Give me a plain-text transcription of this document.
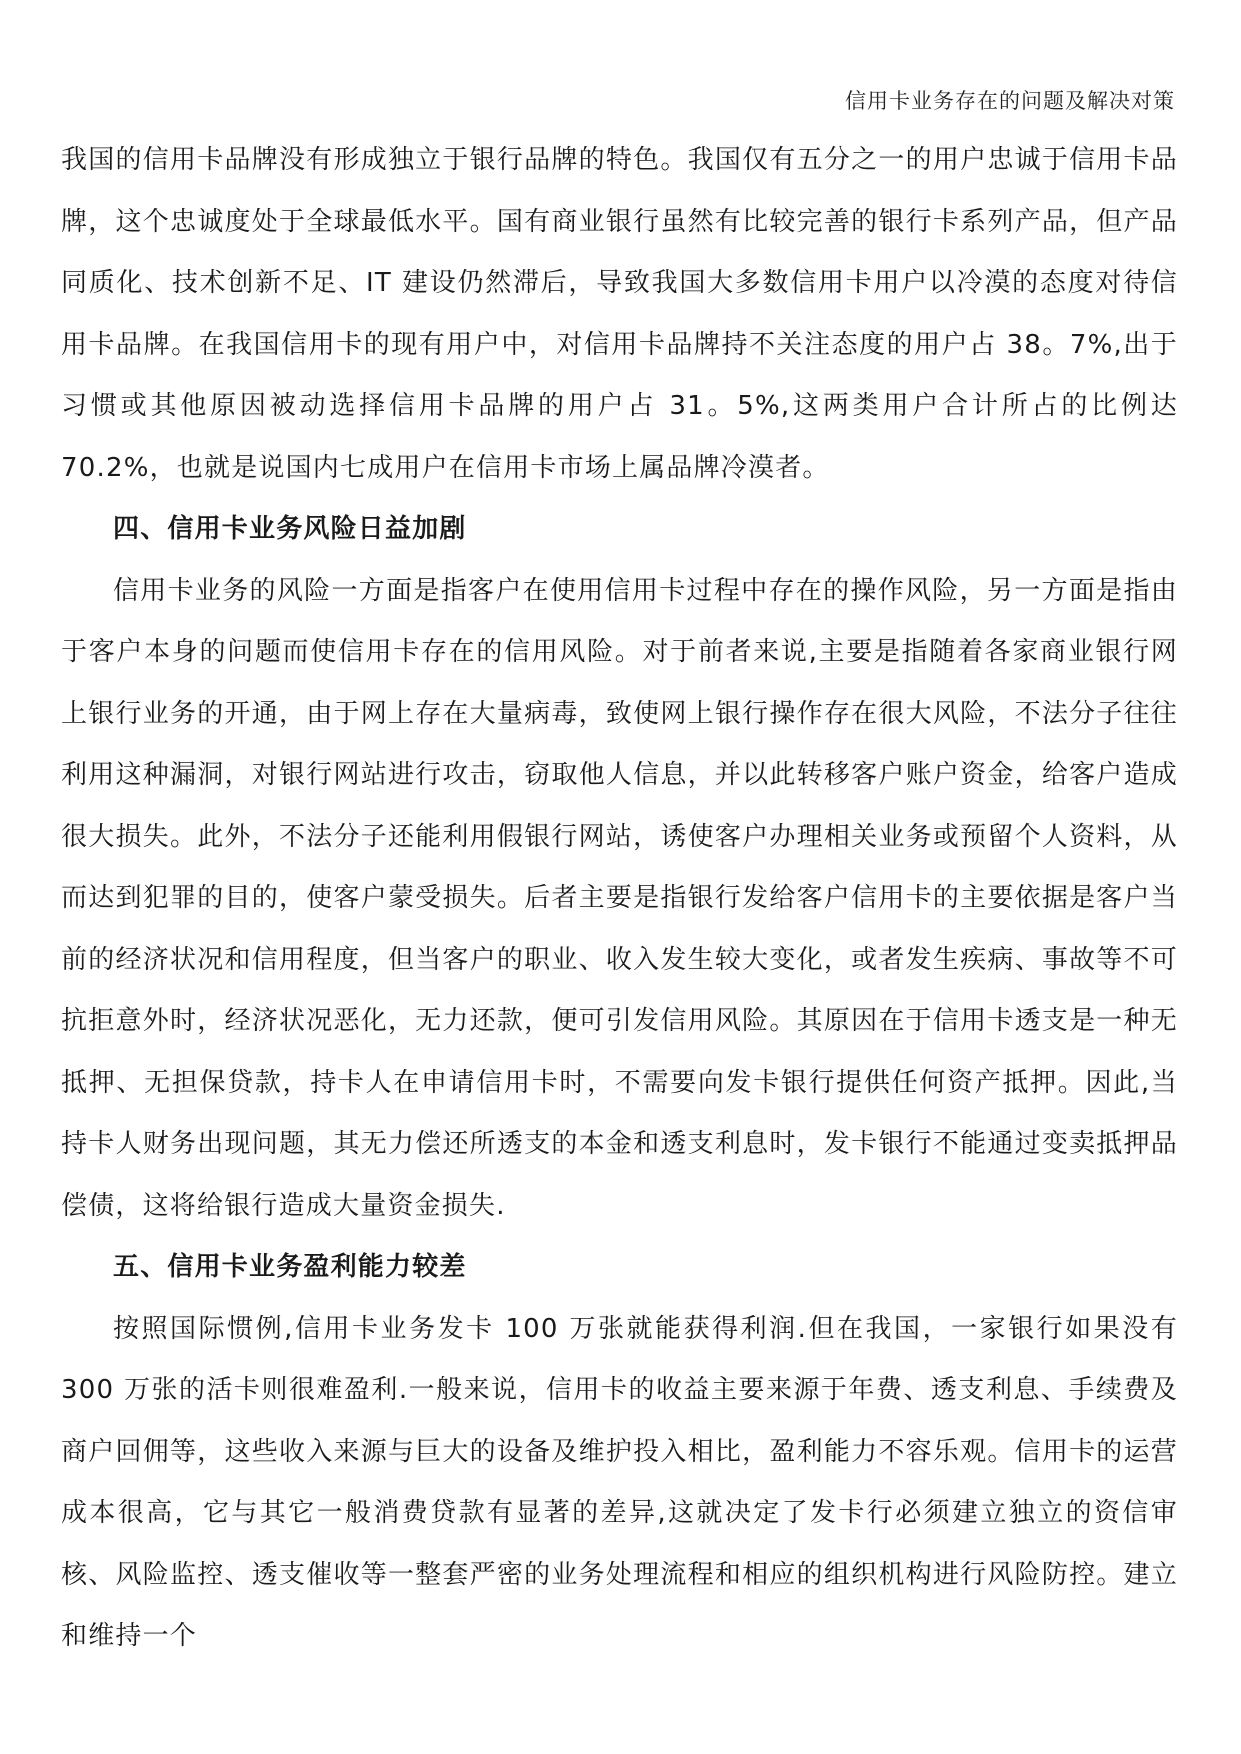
信用卡业务存在的问题及解决对策

我国的信用卡品牌没有形成独立于银行品牌的特色。我国仅有五分之一的用户忠诚于信用卡品牌，这个忠诚度处于全球最低水平。国有商业银行虽然有比较完善的银行卡系列产品，但产品同质化、技术创新不足、IT 建设仍然滞后，导致我国大多数信用卡用户以冷漠的态度对待信用卡品牌。在我国信用卡的现有用户中，对信用卡品牌持不关注态度的用户占 38。7%,出于习惯或其他原因被动选择信用卡品牌的用户占 31。5%,这两类用户合计所占的比例达 70.2%，也就是说国内七成用户在信用卡市场上属品牌冷漠者。

四、信用卡业务风险日益加剧

信用卡业务的风险一方面是指客户在使用信用卡过程中存在的操作风险，另一方面是指由于客户本身的问题而使信用卡存在的信用风险。对于前者来说,主要是指随着各家商业银行网上银行业务的开通，由于网上存在大量病毒，致使网上银行操作存在很大风险，不法分子往往利用这种漏洞，对银行网站进行攻击，窃取他人信息，并以此转移客户账户资金，给客户造成很大损失。此外，不法分子还能利用假银行网站，诱使客户办理相关业务或预留个人资料，从而达到犯罪的目的，使客户蒙受损失。后者主要是指银行发给客户信用卡的主要依据是客户当前的经济状况和信用程度，但当客户的职业、收入发生较大变化，或者发生疾病、事故等不可抗拒意外时，经济状况恶化，无力还款，便可引发信用风险。其原因在于信用卡透支是一种无抵押、无担保贷款，持卡人在申请信用卡时，不需要向发卡银行提供任何资产抵押。因此,当持卡人财务出现问题，其无力偿还所透支的本金和透支利息时，发卡银行不能通过变卖抵押品偿债，这将给银行造成大量资金损失.

五、信用卡业务盈利能力较差

按照国际惯例,信用卡业务发卡 100 万张就能获得利润.但在我国，一家银行如果没有 300 万张的活卡则很难盈利.一般来说，信用卡的收益主要来源于年费、透支利息、手续费及商户回佣等，这些收入来源与巨大的设备及维护投入相比，盈利能力不容乐观。信用卡的运营成本很高，它与其它一般消费贷款有显著的差异,这就决定了发卡行必须建立独立的资信审核、风险监控、透支催收等一整套严密的业务处理流程和相应的组织机构进行风险防控。建立和维持一个
